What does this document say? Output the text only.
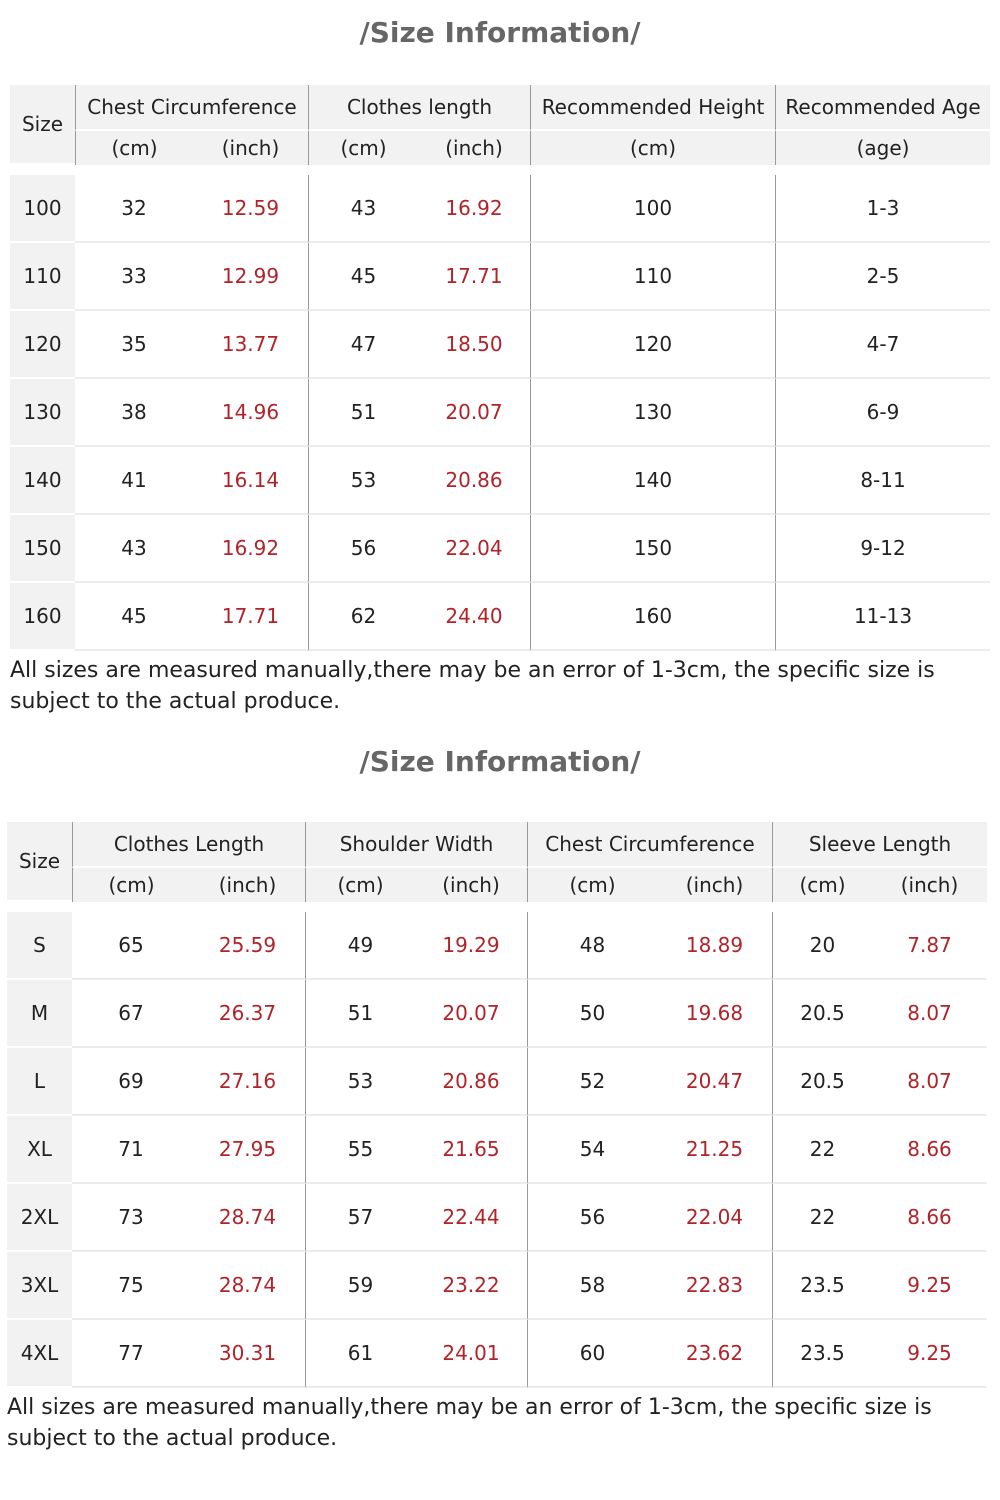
/Size Information/
Size	Chest Circumference		Clothes length		Recommended Height	Recommended Age
	(cm)	(inch)	(cm)	(inch)	(cm)	(age)

100	32	12.59	43	16.92	100	1-3
110	33	12.99	45	17.71	110	2-5
120	35	13.77	47	18.50	120	4-7
130	38	14.96	51	20.07	130	6-9
140	41	16.14	53	20.86	140	8-11
150	43	16.92	56	22.04	150	9-12
160	45	17.71	62	24.40	160	11-13

All sizes are measured manually,there may be an error of 1-3cm, the specific size is subject to the actual produce.

/Size Information/
Size	Clothes Length		Shoulder Width		Chest Circumference		Sleeve Length	
	(cm)	(inch)	(cm)	(inch)	(cm)	(inch)	(cm)	(inch)

S	65	25.59	49	19.29	48	18.89	20	7.87
M	67	26.37	51	20.07	50	19.68	20.5	8.07
L	69	27.16	53	20.86	52	20.47	20.5	8.07
XL	71	27.95	55	21.65	54	21.25	22	8.66
2XL	73	28.74	57	22.44	56	22.04	22	8.66
3XL	75	28.74	59	23.22	58	22.83	23.5	9.25
4XL	77	30.31	61	24.01	60	23.62	23.5	9.25

All sizes are measured manually,there may be an error of 1-3cm, the specific size is subject to the actual produce.
